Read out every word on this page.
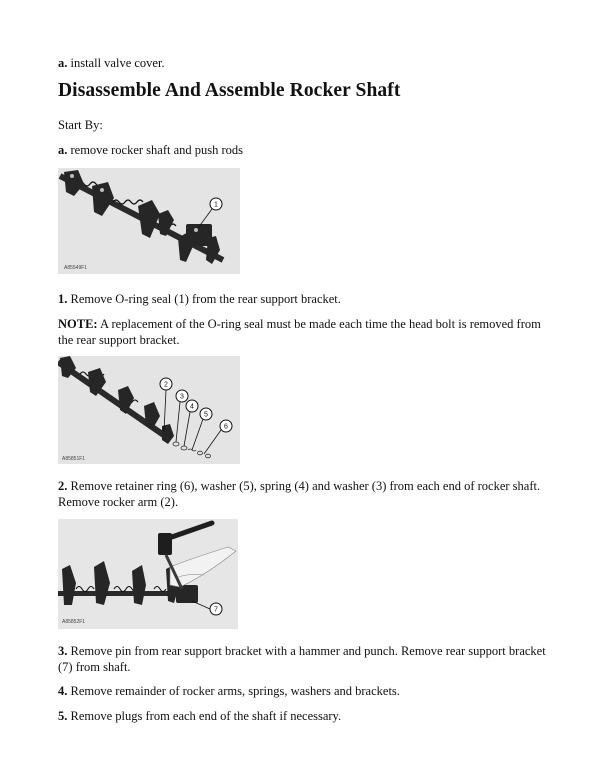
a. install valve cover.

Disassemble And Assemble Rocker Shaft

Start By:

a. remove rocker shaft and push rods

1
A85549F1

1. Remove O-ring seal (1) from the rear support bracket.

NOTE: A replacement of the O-ring seal must be made each time the head bolt is removed from the rear support bracket.

2
3
4
5
6
A85851F1

2. Remove retainer ring (6), washer (5), spring (4) and washer (3) from each end of rocker shaft. Remove rocker arm (2).

7
A85852F1

3. Remove pin from rear support bracket with a hammer and punch. Remove rear support bracket (7) from shaft.

4. Remove remainder of rocker arms, springs, washers and brackets.

5. Remove plugs from each end of the shaft if necessary.
